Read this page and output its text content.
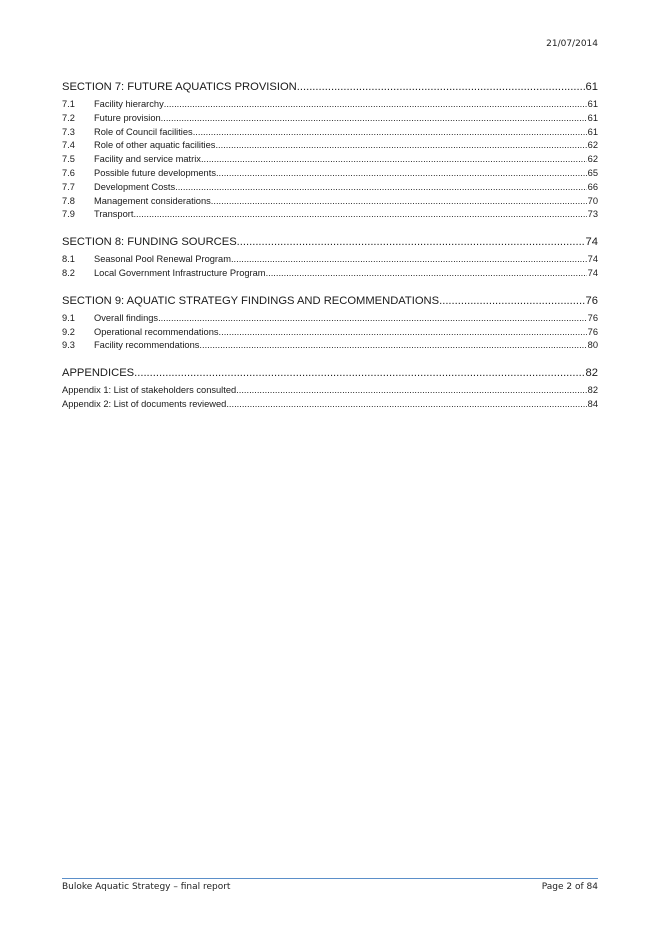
21/07/2014
SECTION 7: FUTURE AQUATICS PROVISION .....	61
7.1	Facility hierarchy .....	61
7.2	Future provision .....	61
7.3	Role of Council facilities .....	61
7.4	Role of other aquatic facilities .....	62
7.5	Facility and service matrix .....	62
7.6	Possible future developments .....	65
7.7	Development Costs .....	66
7.8	Management considerations .....	70
7.9	Transport .....	73
SECTION 8: FUNDING SOURCES .....	74
8.1	Seasonal Pool Renewal Program .....	74
8.2	Local Government Infrastructure Program .....	74
SECTION 9: AQUATIC STRATEGY FINDINGS AND RECOMMENDATIONS .....	76
9.1	Overall findings .....	76
9.2	Operational recommendations .....	76
9.3	Facility recommendations .....	80
APPENDICES .....	82
Appendix 1: List of stakeholders consulted .....	82
Appendix 2: List of documents reviewed .....	84
Buloke Aquatic Strategy – final report	Page 2 of 84
